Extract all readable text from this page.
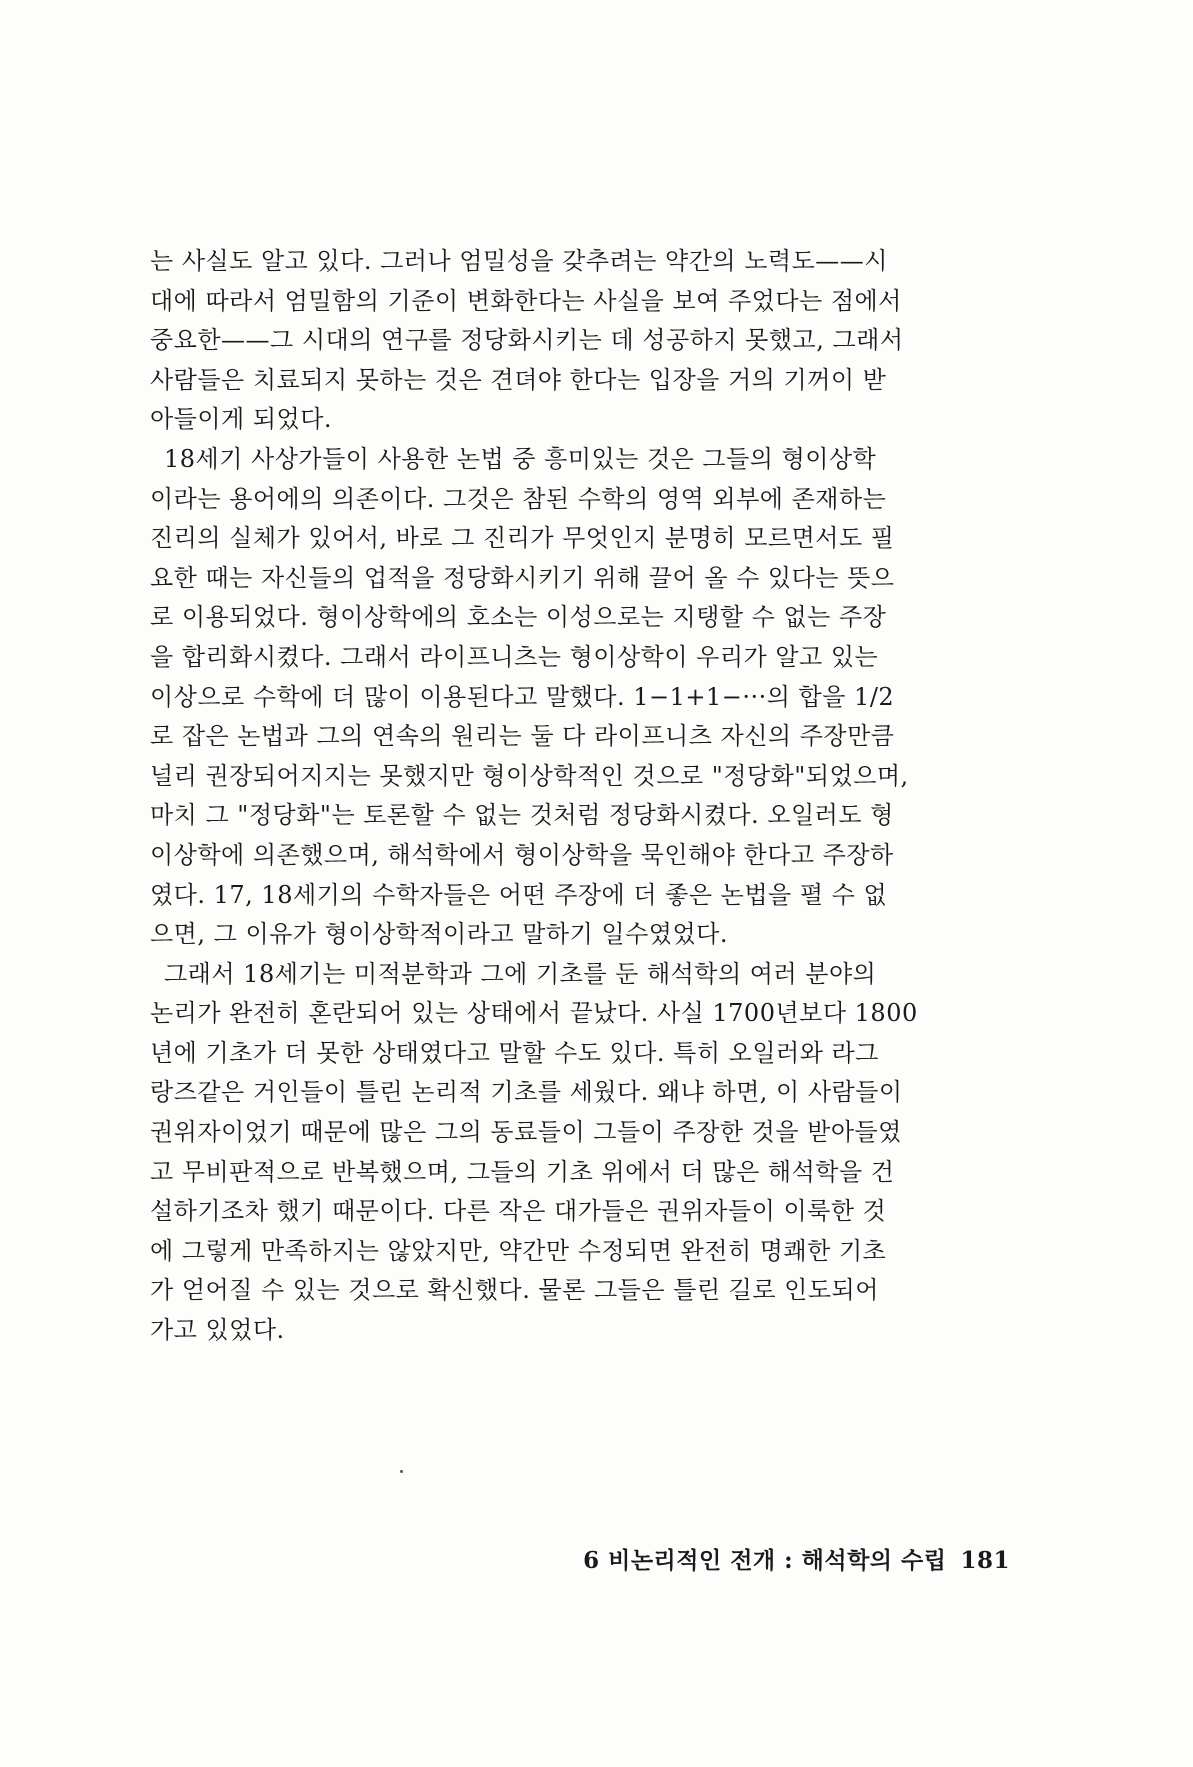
는 사실도 알고 있다. 그러나 엄밀성을 갖추려는 약간의 노력도——시
대에 따라서 엄밀함의 기준이 변화한다는 사실을 보여 주었다는 점에서
중요한——그 시대의 연구를 정당화시키는 데 성공하지 못했고, 그래서
사람들은 치료되지 못하는 것은 견뎌야 한다는 입장을 거의 기꺼이 받
아들이게 되었다.
18세기 사상가들이 사용한 논법 중 흥미있는 것은 그들의 형이상학
이라는 용어에의 의존이다. 그것은 참된 수학의 영역 외부에 존재하는
진리의 실체가 있어서, 바로 그 진리가 무엇인지 분명히 모르면서도 필
요한 때는 자신들의 업적을 정당화시키기 위해 끌어 올 수 있다는 뜻으
로 이용되었다. 형이상학에의 호소는 이성으로는 지탱할 수 없는 주장
을 합리화시켰다. 그래서 라이프니츠는 형이상학이 우리가 알고 있는
이상으로 수학에 더 많이 이용된다고 말했다. 1−1+1−···의 합을 1/2
로 잡은 논법과 그의 연속의 원리는 둘 다 라이프니츠 자신의 주장만큼
널리 권장되어지지는 못했지만 형이상학적인 것으로 "정당화"되었으며,
마치 그 "정당화"는 토론할 수 없는 것처럼 정당화시켰다. 오일러도 형
이상학에 의존했으며, 해석학에서 형이상학을 묵인해야 한다고 주장하
였다. 17, 18세기의 수학자들은 어떤 주장에 더 좋은 논법을 펼 수 없
으면, 그 이유가 형이상학적이라고 말하기 일수였었다.
그래서 18세기는 미적분학과 그에 기초를 둔 해석학의 여러 분야의
논리가 완전히 혼란되어 있는 상태에서 끝났다. 사실 1700년보다 1800
년에 기초가 더 못한 상태였다고 말할 수도 있다. 특히 오일러와 라그
랑즈같은 거인들이 틀린 논리적 기초를 세웠다. 왜냐 하면, 이 사람들이
권위자이었기 때문에 많은 그의 동료들이 그들이 주장한 것을 받아들였
고 무비판적으로 반복했으며, 그들의 기초 위에서 더 많은 해석학을 건
설하기조차 했기 때문이다. 다른 작은 대가들은 권위자들이 이룩한 것
에 그렇게 만족하지는 않았지만, 약간만 수정되면 완전히 명쾌한 기초
가 얻어질 수 있는 것으로 확신했다. 물론 그들은 틀린 길로 인도되어
가고 있었다.
6 비논리적인 전개 : 해석학의 수립 181
